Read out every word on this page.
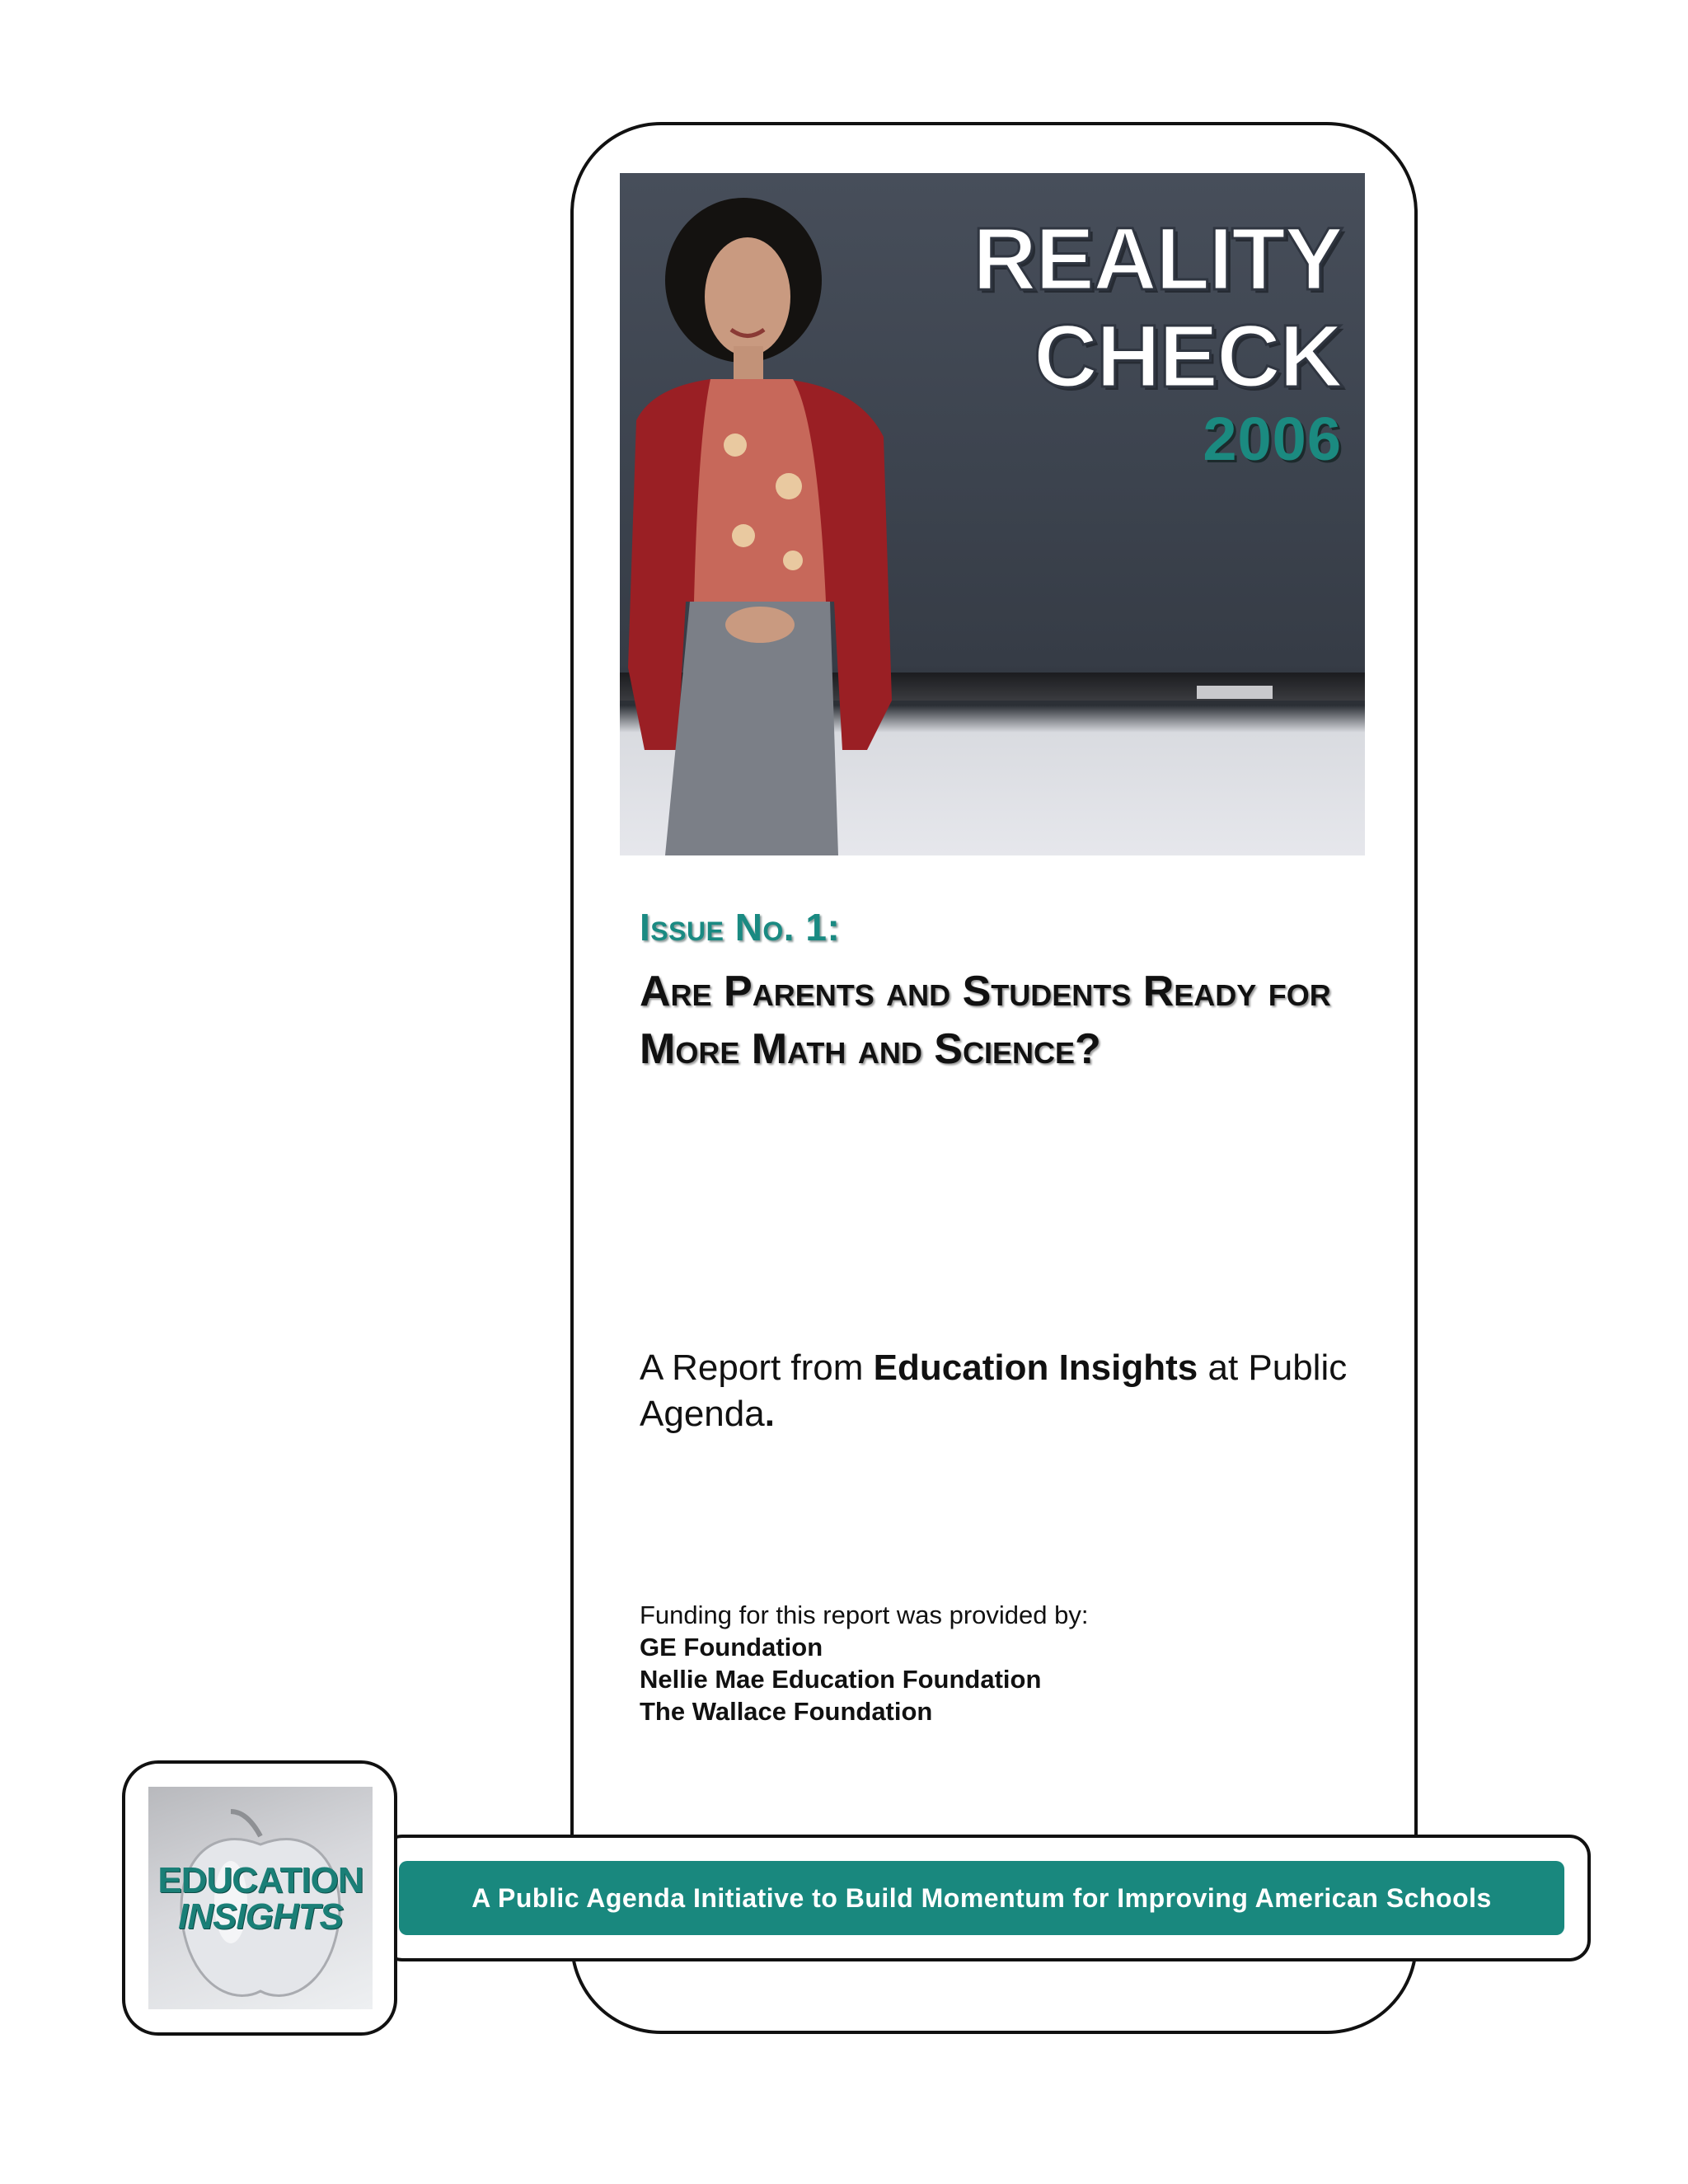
REALITY
CHECK
2006
Issue No. 1:
Are Parents and Students Ready for More Math and Science?
A Report from Education Insights at Public Agenda.
Funding for this report was provided by:
GE Foundation
Nellie Mae Education Foundation
The Wallace Foundation
A Public Agenda Initiative to Build Momentum for Improving American Schools
EDUCATION
INSIGHTS
